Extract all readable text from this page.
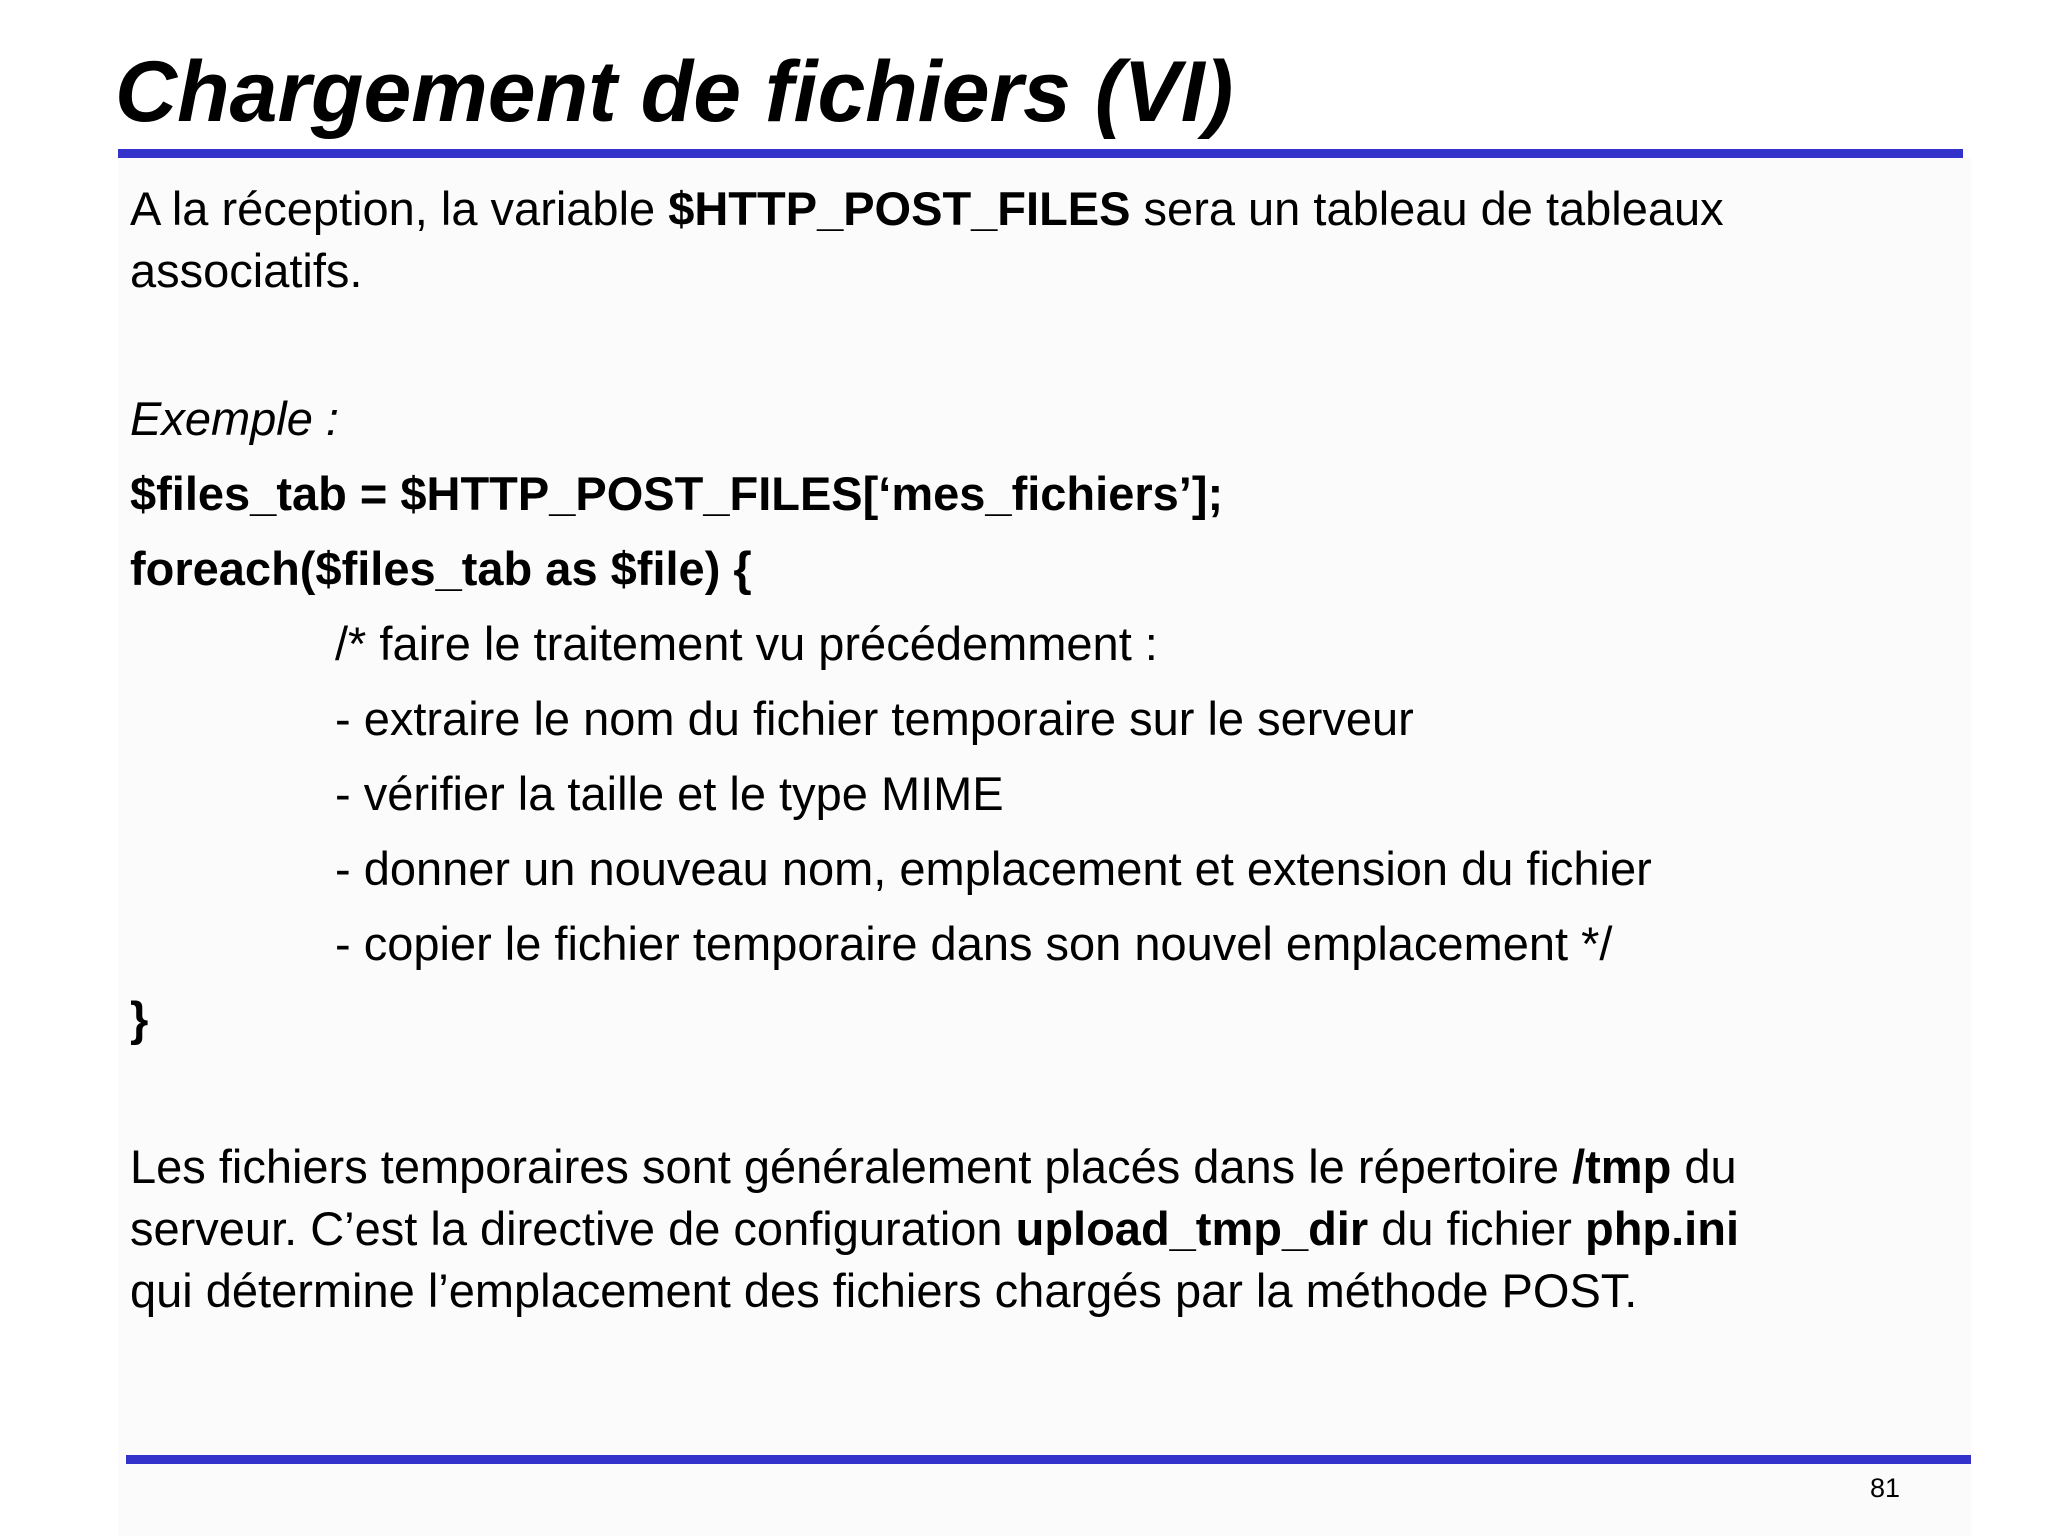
Chargement de fichiers (VI)

A la réception, la variable $HTTP_POST_FILES sera un tableau de tableaux

associatifs.

Exemple :

$files_tab = $HTTP_POST_FILES[‘mes_fichiers’];

foreach($files_tab as $file) {

/* faire le traitement vu précédemment :

- extraire le nom du fichier temporaire sur le serveur

- vérifier la taille et le type MIME

- donner un nouveau nom, emplacement et extension du fichier

- copier le fichier temporaire dans son nouvel emplacement */

}

Les fichiers temporaires sont généralement placés dans le répertoire /tmp du

serveur. C’est la directive de configuration upload_tmp_dir du fichier php.ini

qui détermine l’emplacement des fichiers chargés par la méthode POST.

81
